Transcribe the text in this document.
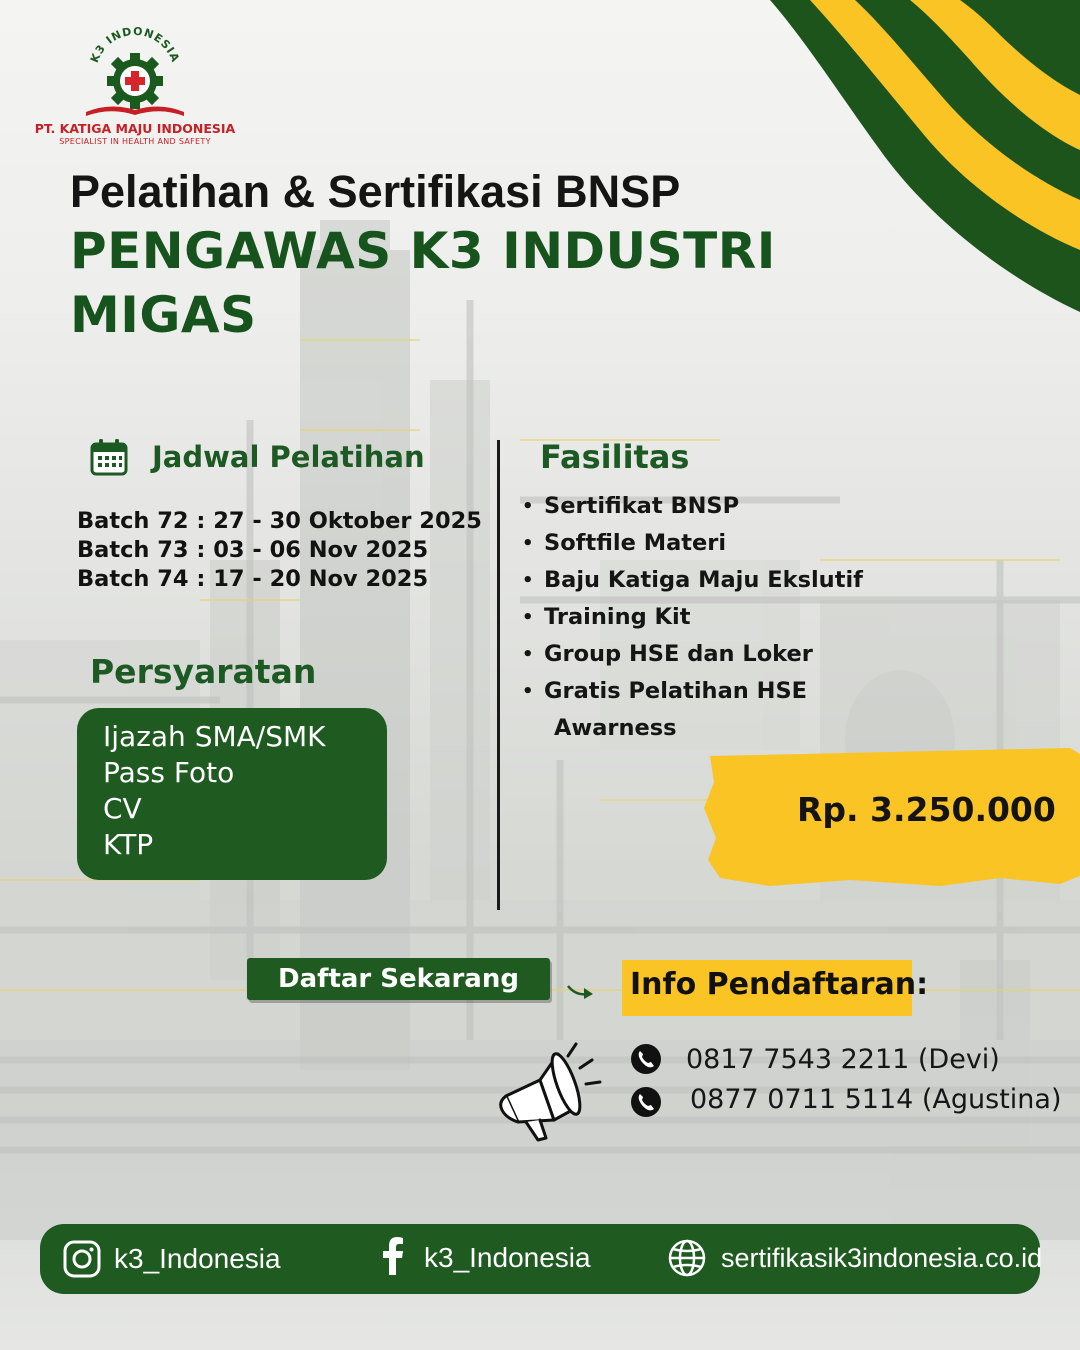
K3 INDONESIA
PT. KATIGA MAJU INDONESIA
SPECIALIST IN HEALTH AND SAFETY
Pelatihan & Sertifikasi BNSP
PENGAWAS K3 INDUSTRI
MIGAS
Jadwal Pelatihan
Batch 72 : 27 - 30 Oktober 2025
Batch 73 : 03 - 06 Nov 2025
Batch 74 : 17 - 20 Nov 2025
Persyaratan
Ijazah SMA/SMK
Pass Foto
CV
KTP
Fasilitas
• Sertifikat BNSP
• Softfile Materi
• Baju Katiga Maju Ekslutif
• Training Kit
• Group HSE dan Loker
• Gratis Pelatihan HSE
Awarness
Rp. 3.250.000
Daftar Sekarang	Info Pendaftaran:
0817 7543 2211 (Devi)
0877 0711 5114 (Agustina)
k3_Indonesia	k3_Indonesia	sertifikasik3indonesia.co.id
